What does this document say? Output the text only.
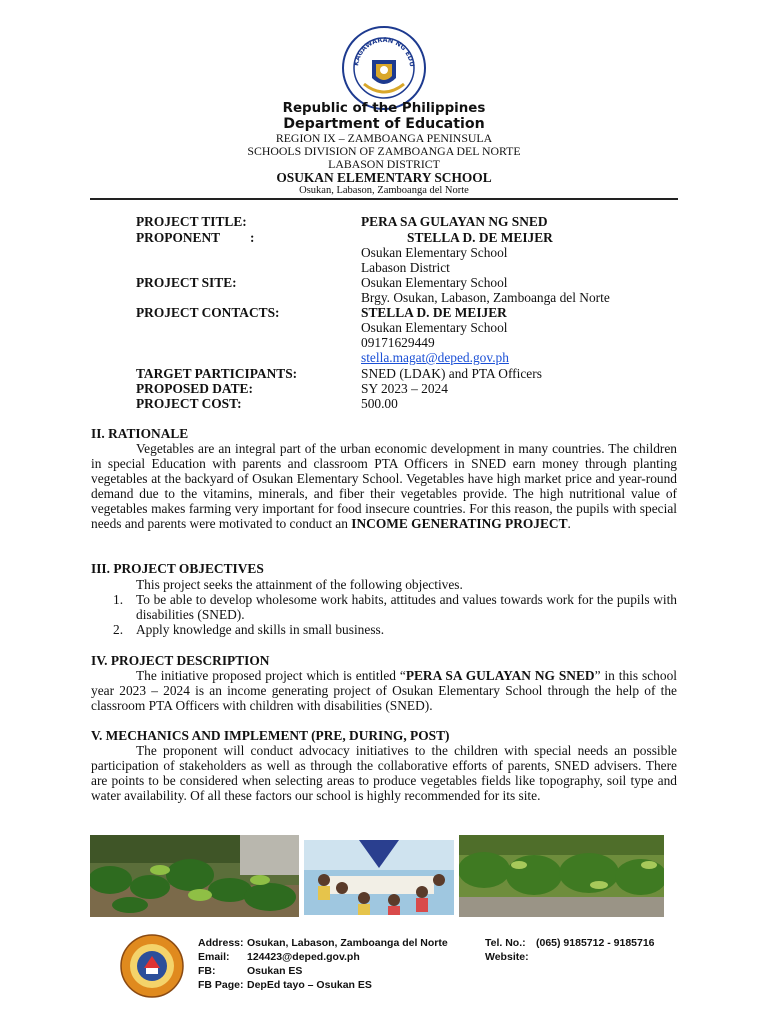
KAGAWARAN NG EDU
Republic of the Philippines
Department of Education
REGION IX – ZAMBOANGA PENINSULA
SCHOOLS DIVISION OF ZAMBOANGA DEL NORTE
LABASON DISTRICT
OSUKAN ELEMENTARY SCHOOL
Osukan, Labason, Zamboanga del Norte
PROJECT TITLE:	PERA SA GULAYAN NG SNED
PROPONENT         :	STELLA D. DE MEIJER
Osukan Elementary School
Labason District
PROJECT SITE:	Osukan Elementary School
Brgy. Osukan, Labason, Zamboanga del Norte
PROJECT CONTACTS:	STELLA D. DE MEIJER
Osukan Elementary School
09171629449
stella.magat@deped.gov.ph
TARGET PARTICIPANTS:	SNED (LDAK) and PTA Officers
PROPOSED DATE:	SY 2023 – 2024
PROJECT COST:	500.00
II. RATIONALE

Vegetables are an integral part of the urban economic development in many countries. The children in special Education with parents and classroom PTA Officers in SNED earn money through planting vegetables at the backyard of Osukan Elementary School. Vegetables have high market price and year-round demand due to the vitamins, minerals, and fiber their vegetables provide. The high nutritional value of vegetables makes farming very important for food insecure countries. For this reason, the pupils with special needs and parents were motivated to conduct an INCOME GENERATING PROJECT.

III. PROJECT OBJECTIVES
This project seeks the attainment of the following objectives.
1. To be able to develop wholesome work habits, attitudes and values towards work for the pupils with disabilities (SNED).
2. Apply knowledge and skills in small business.
IV. PROJECT DESCRIPTION

The initiative proposed project which is entitled “PERA SA GULAYAN NG SNED” in this school year 2023 – 2024 is an income generating project of Osukan Elementary School through the help of the classroom PTA Officers with children with disabilities (SNED).

V. MECHANICS AND IMPLEMENT (PRE, DURING, POST)

The proponent will conduct advocacy initiatives to the children with special needs an possible participation of stakeholders as well as through the collaborative efforts of parents, SNED advisers. There are points to be considered when selecting areas to produce vegetables fields like topography, soil type and water availability. Of all these factors our school is highly recommended for its site.

Address: Osukan, Labason, Zamboanga del Norte
Email: 124423@deped.gov.ph
FB:	Osukan ES
FB Page: DepEd tayo – Osukan ES
Tel. No.: (065) 9185712 - 9185716
Website:
